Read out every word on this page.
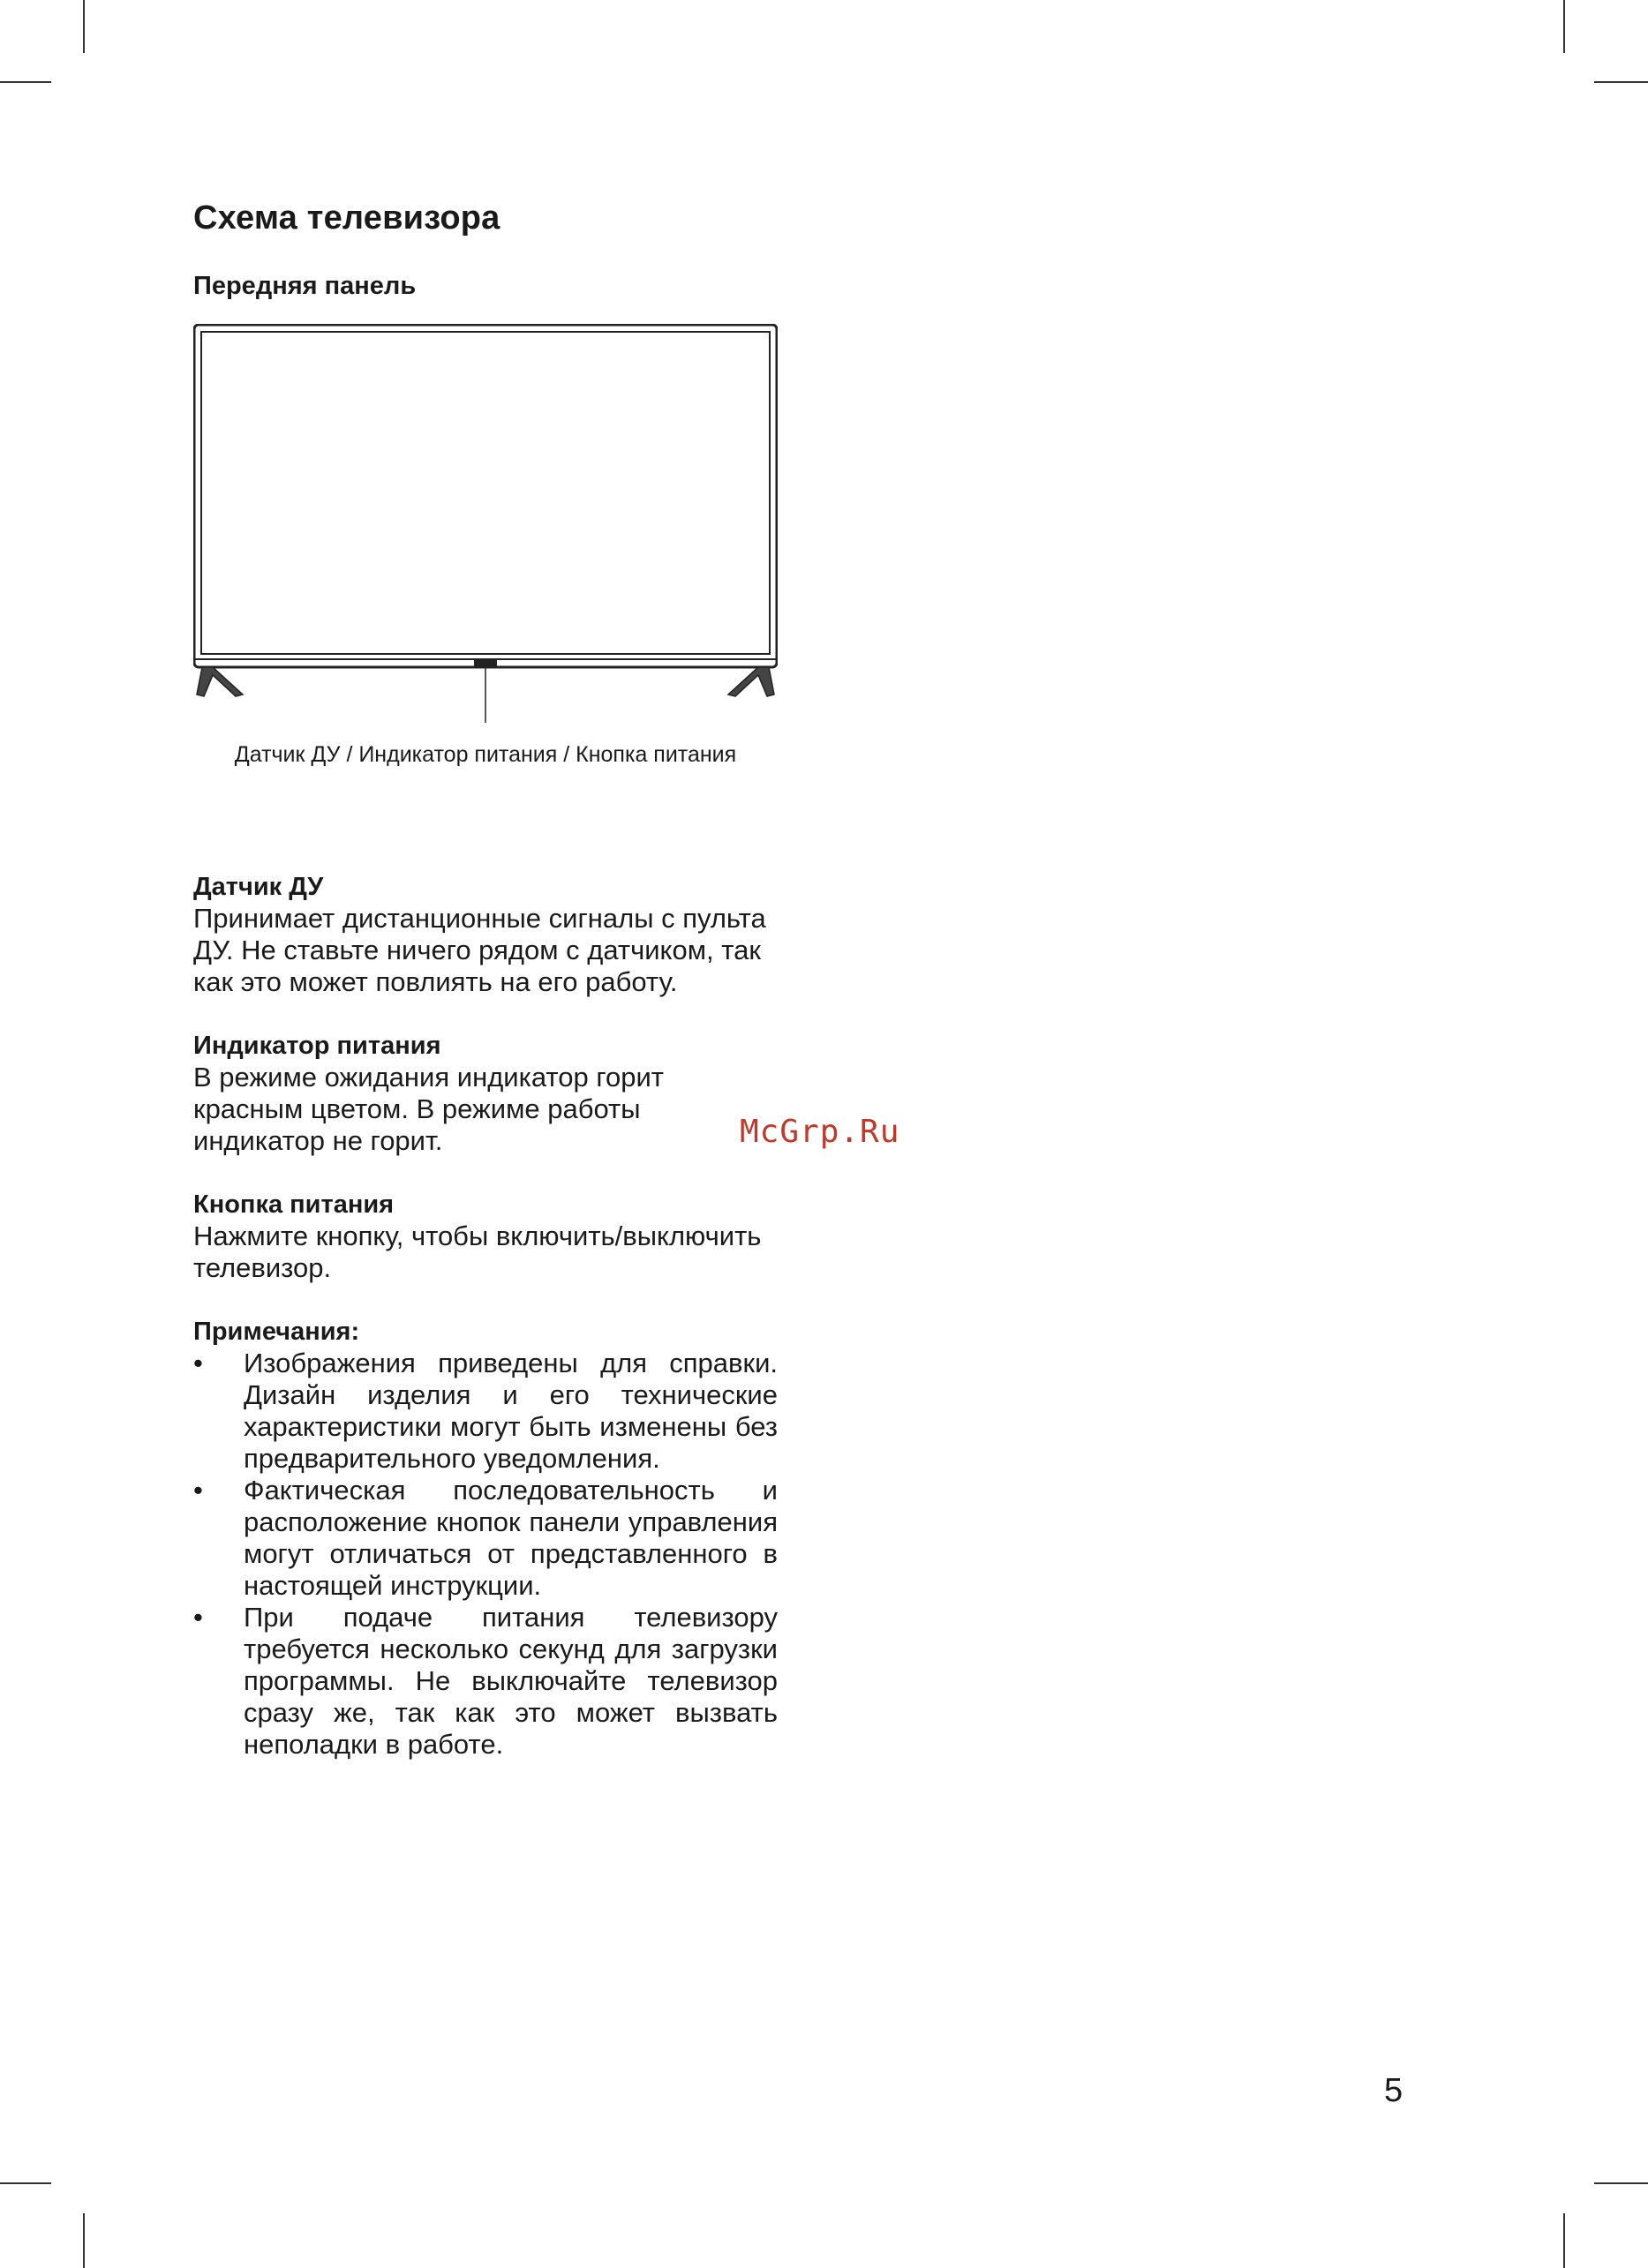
Схема телевизора
Передняя панель
Датчик ДУ / Индикатор питания / Кнопка питания
Датчик ДУ

Принимает дистанционные сигналы с пульта ДУ. Не ставьте ничего рядом с датчиком, так как это может повлиять на его работу.

Индикатор питания

В режиме ожидания индикатор горит красным цветом. В режиме работы индикатор не горит.

Кнопка питания

Нажмите кнопку, чтобы включить/выключить телевизор.

Примечания:
• Изображения приведены для справки. Дизайн изделия и его технические характеристики могут быть изменены без предварительного уведомления.
• Фактическая последовательность и расположение кнопок панели управления могут отличаться от представленного в настоящей инструкции.
• При подаче питания телевизору требуется несколько секунд для загрузки программы. Не выключайте телевизор сразу же, так как это может вызвать неполадки в работе.
McGrp.Ru
5
